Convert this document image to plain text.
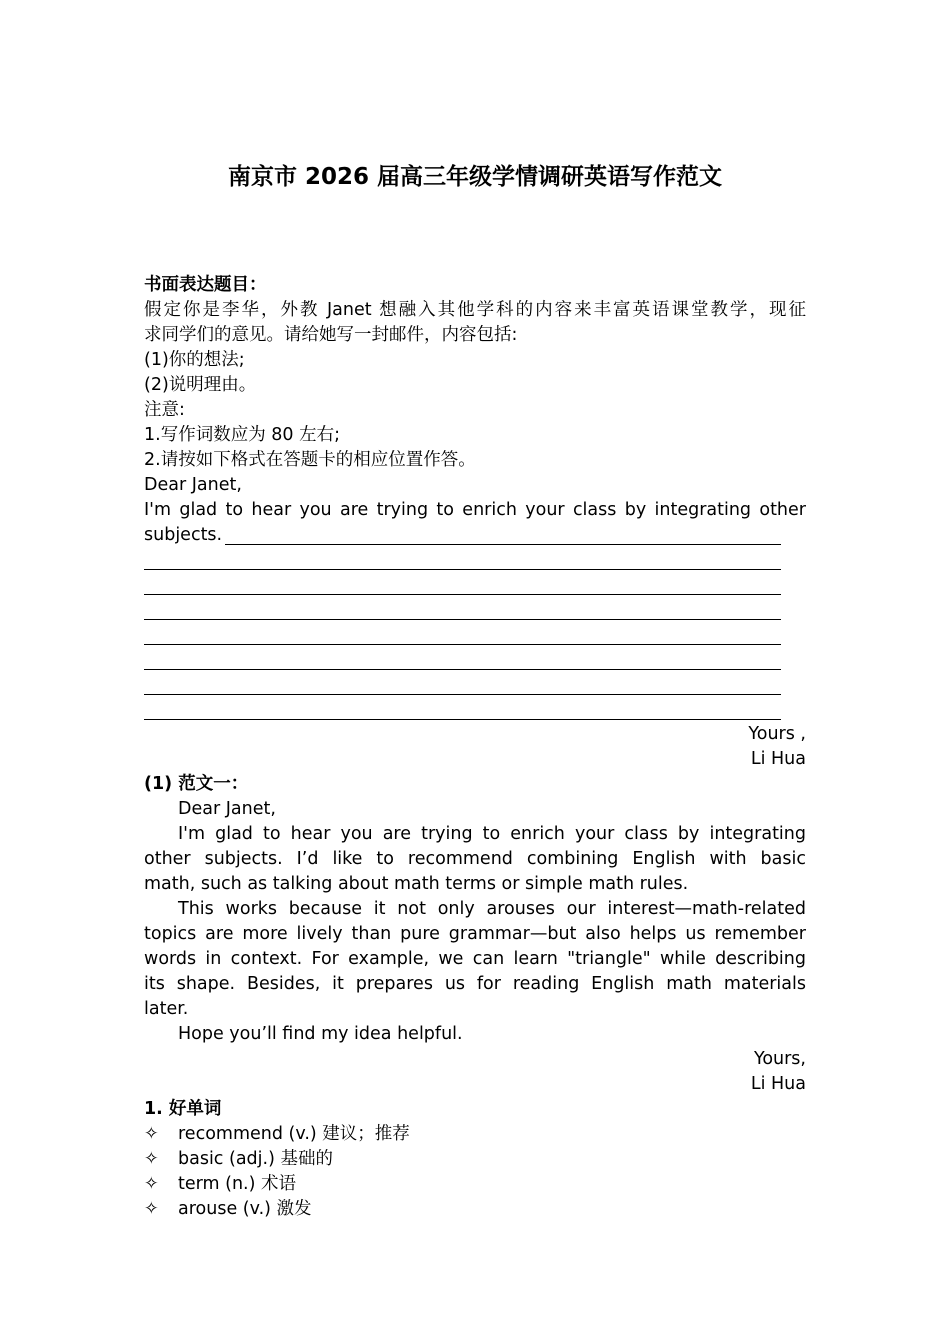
南京市 2026 届高三年级学情调研英语写作范文
书面表达题目：
假定你是李华，外教 Janet 想融入其他学科的内容来丰富英语课堂教学，现征
求同学们的意见。请给她写一封邮件，内容包括:
(1)你的想法;
(2)说明理由。
注意:
1.写作词数应为 80 左右;
2.请按如下格式在答题卡的相应位置作答。
Dear Janet,
I'm glad to hear you are trying to enrich your class by integrating other
subjects.
Yours ,
Li Hua
(1) 范文一：
Dear Janet,
I'm glad to hear you are trying to enrich your class by integrating
other subjects. I’d like to recommend combining English with basic
math, such as talking about math terms or simple math rules.
This works because it not only arouses our interest—math-related
topics are more lively than pure grammar—but also helps us remember
words in context. For example, we can learn "triangle" while describing
its shape. Besides, it prepares us for reading English math materials
later.
Hope you’ll find my idea helpful.
Yours,
Li Hua
1. 好单词
✧ recommend (v.) 建议；推荐
✧ basic (adj.) 基础的
✧ term (n.) 术语
✧ arouse (v.) 激发
